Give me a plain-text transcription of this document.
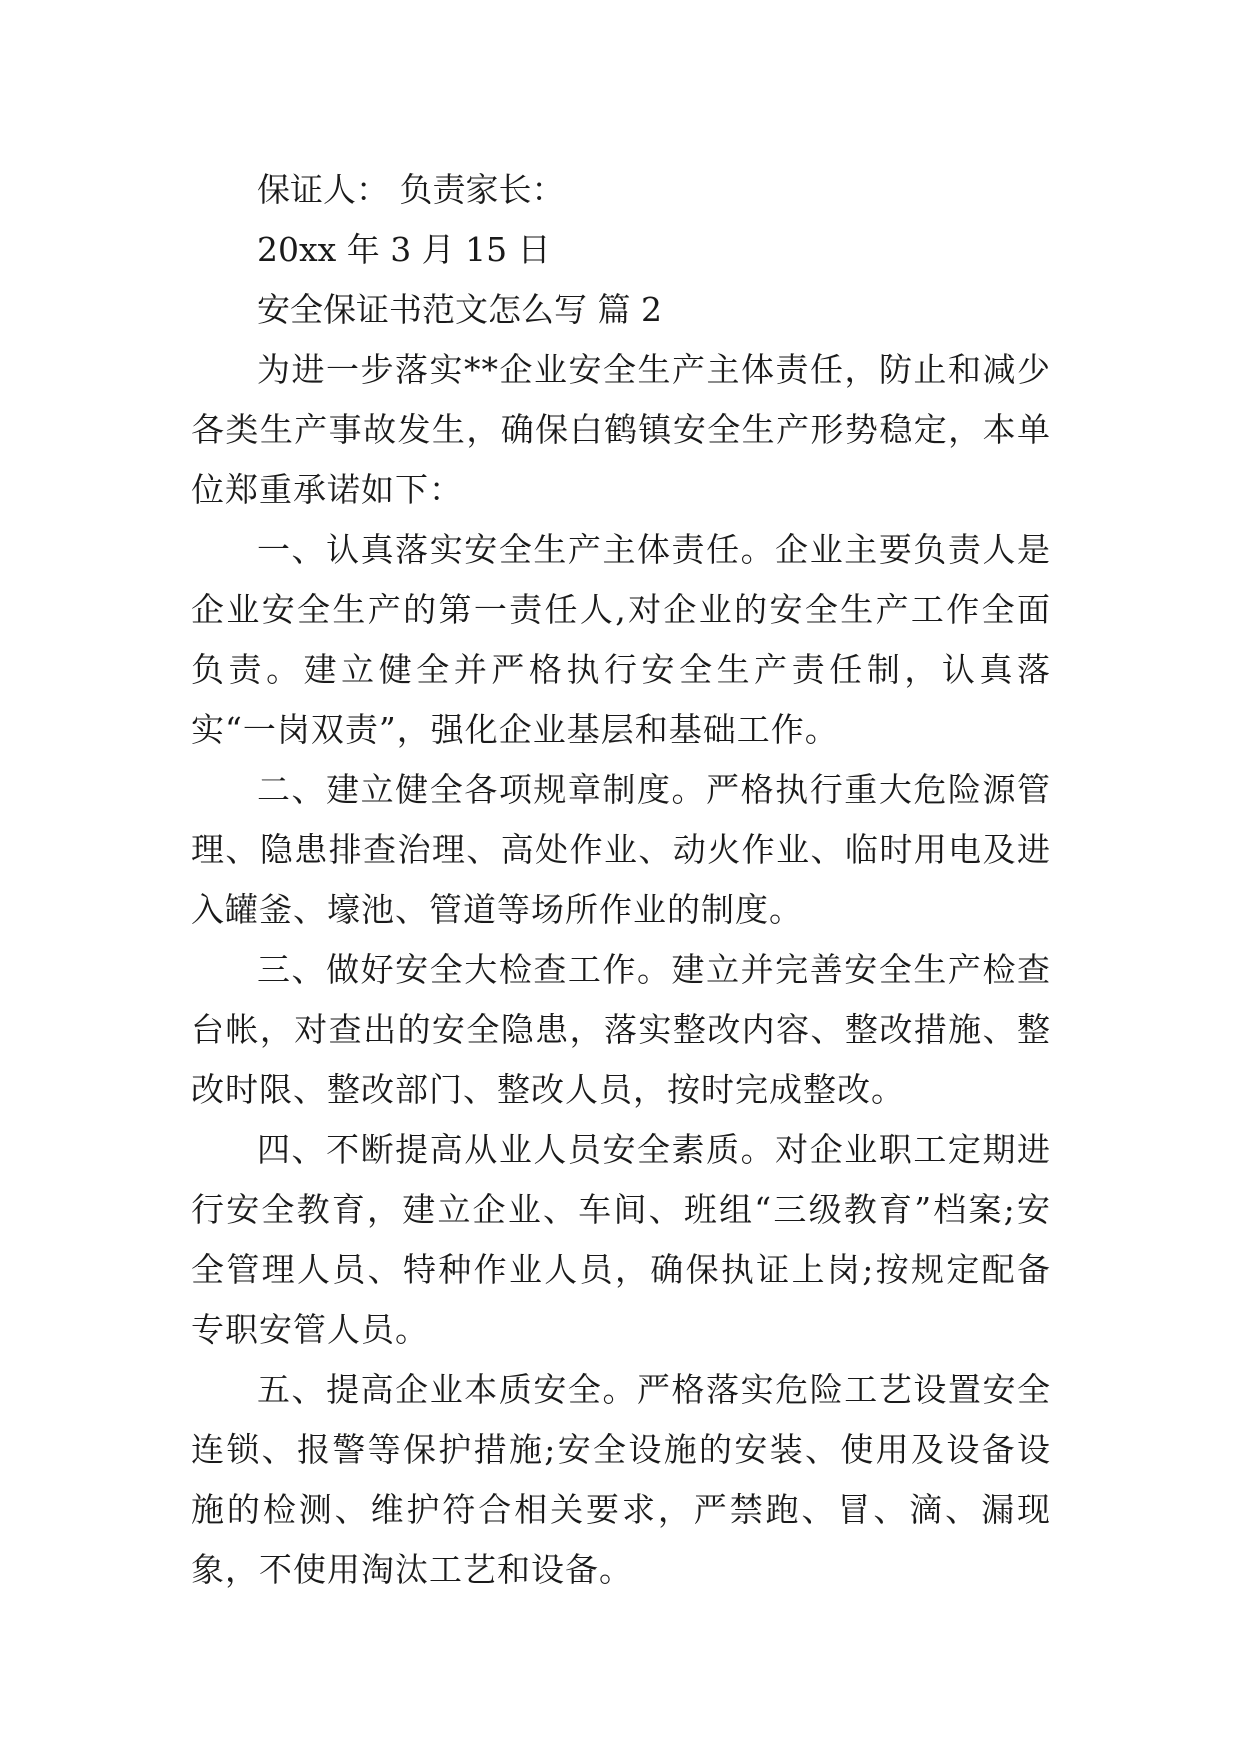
保证人： 负责家长：

20xx 年 3 月 15 日

安全保证书范文怎么写 篇 2

为进一步落实**企业安全生产主体责任，防止和减少各类生产事故发生，确保白鹤镇安全生产形势稳定，本单位郑重承诺如下：

一、认真落实安全生产主体责任。企业主要负责人是企业安全生产的第一责任人,对企业的安全生产工作全面负责。建立健全并严格执行安全生产责任制，认真落实“一岗双责”，强化企业基层和基础工作。

二、建立健全各项规章制度。严格执行重大危险源管理、隐患排查治理、高处作业、动火作业、临时用电及进入罐釜、壕池、管道等场所作业的制度。

三、做好安全大检查工作。建立并完善安全生产检查台帐，对查出的安全隐患，落实整改内容、整改措施、整改时限、整改部门、整改人员，按时完成整改。

四、不断提高从业人员安全素质。对企业职工定期进行安全教育，建立企业、车间、班组“三级教育”档案;安全管理人员、特种作业人员，确保执证上岗;按规定配备专职安管人员。

五、提高企业本质安全。严格落实危险工艺设置安全连锁、报警等保护措施;安全设施的安装、使用及设备设施的检测、维护符合相关要求，严禁跑、冒、滴、漏现象，不使用淘汰工艺和设备。
